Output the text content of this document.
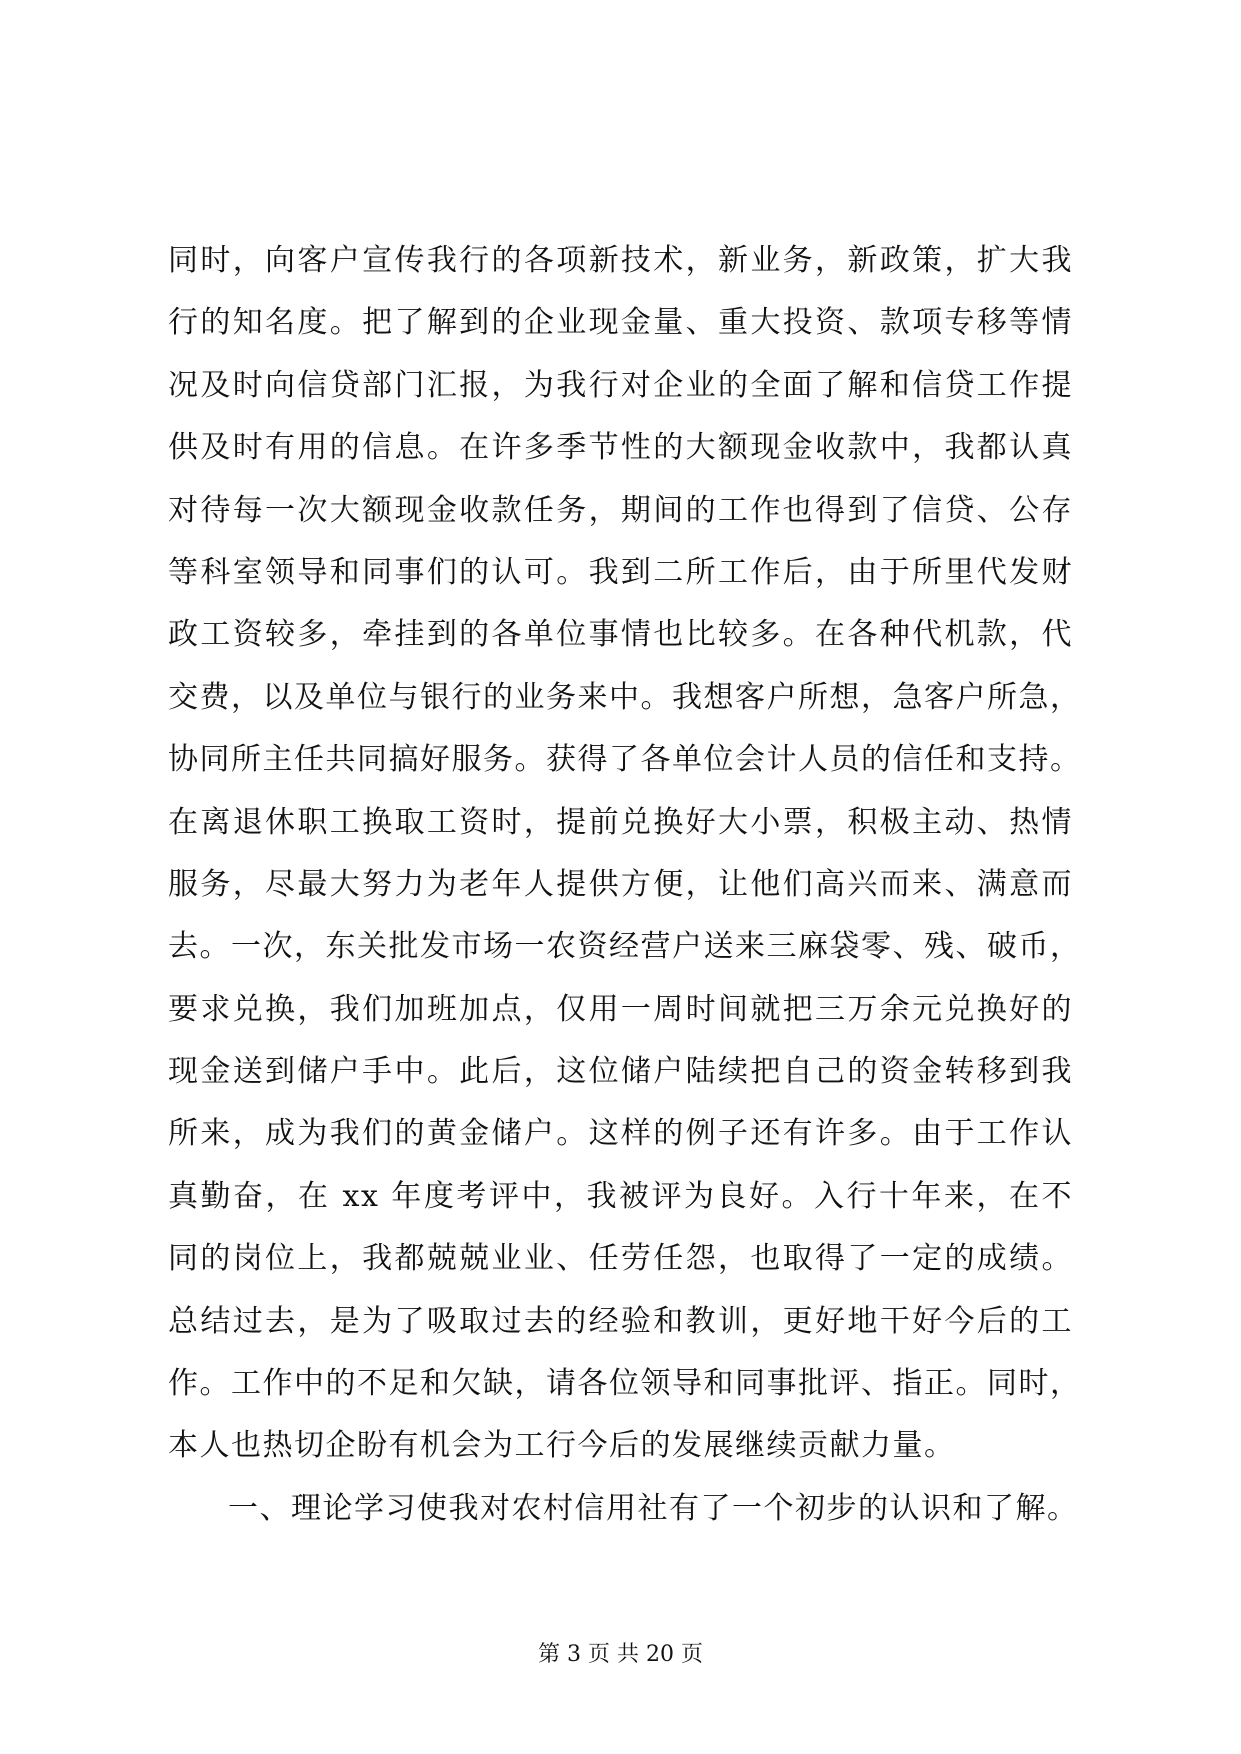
同时，向客户宣传我行的各项新技术，新业务，新政策，扩大我
行的知名度。把了解到的企业现金量、重大投资、款项专移等情
况及时向信贷部门汇报，为我行对企业的全面了解和信贷工作提
供及时有用的信息。在许多季节性的大额现金收款中，我都认真
对待每一次大额现金收款任务，期间的工作也得到了信贷、公存
等科室领导和同事们的认可。我到二所工作后，由于所里代发财
政工资较多，牵挂到的各单位事情也比较多。在各种代机款，代
交费，以及单位与银行的业务来中。我想客户所想，急客户所急，
协同所主任共同搞好服务。获得了各单位会计人员的信任和支持。
在离退休职工换取工资时，提前兑换好大小票，积极主动、热情
服务，尽最大努力为老年人提供方便，让他们高兴而来、满意而
去。一次，东关批发市场一农资经营户送来三麻袋零、残、破币，
要求兑换，我们加班加点，仅用一周时间就把三万余元兑换好的
现金送到储户手中。此后，这位储户陆续把自己的资金转移到我
所来，成为我们的黄金储户。这样的例子还有许多。由于工作认
真勤奋，在 xx 年度考评中，我被评为良好。入行十年来，在不
同的岗位上，我都兢兢业业、任劳任怨，也取得了一定的成绩。
总结过去，是为了吸取过去的经验和教训，更好地干好今后的工
作。工作中的不足和欠缺，请各位领导和同事批评、指正。同时，
本人也热切企盼有机会为工行今后的发展继续贡献力量。
一、理论学习使我对农村信用社有了一个初步的认识和了解。
第 3 页 共 20 页
